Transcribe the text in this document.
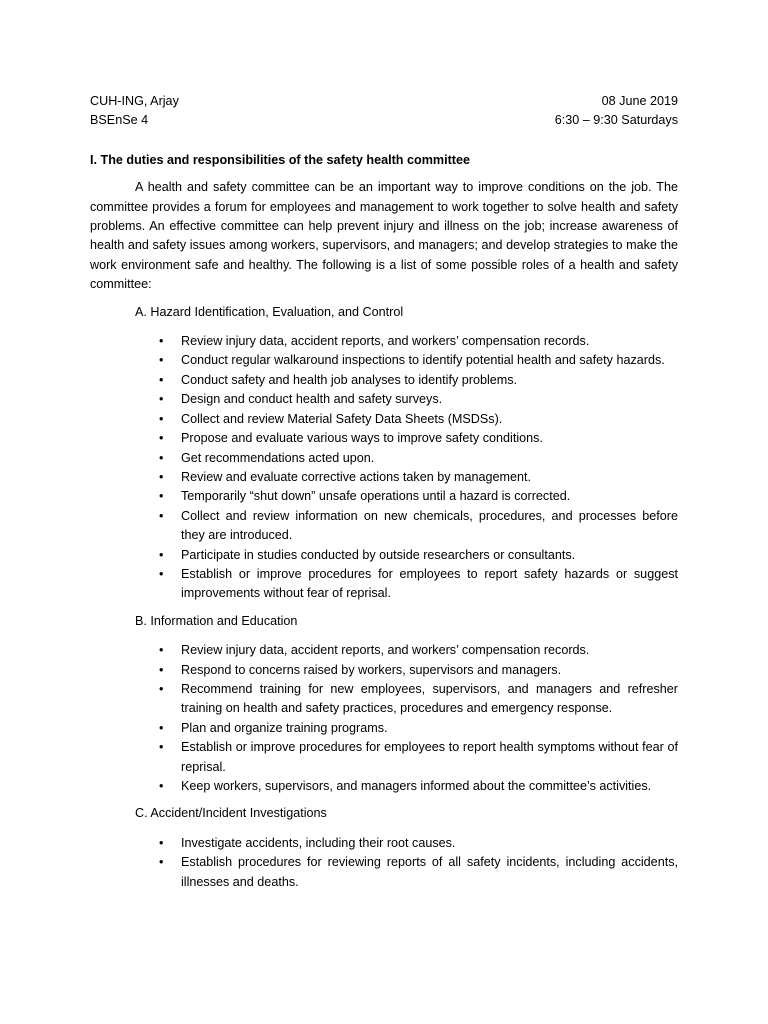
CUH-ING, Arjay
BSEnSe 4
08 June 2019
6:30 – 9:30 Saturdays
I. The duties and responsibilities of the safety health committee

A health and safety committee can be an important way to improve conditions on the job. The committee provides a forum for employees and management to work together to solve health and safety problems. An effective committee can help prevent injury and illness on the job; increase awareness of health and safety issues among workers, supervisors, and managers; and develop strategies to make the work environment safe and healthy. The following is a list of some possible roles of a health and safety committee:

A. Hazard Identification, Evaluation, and Control
• Review injury data, accident reports, and workers’ compensation records.
• Conduct regular walkaround inspections to identify potential health and safety hazards.
• Conduct safety and health job analyses to identify problems.
• Design and conduct health and safety surveys.
• Collect and review Material Safety Data Sheets (MSDSs).
• Propose and evaluate various ways to improve safety conditions.
• Get recommendations acted upon.
• Review and evaluate corrective actions taken by management.
• Temporarily “shut down” unsafe operations until a hazard is corrected.
• Collect and review information on new chemicals, procedures, and processes before they are introduced.
• Participate in studies conducted by outside researchers or consultants.
• Establish or improve procedures for employees to report safety hazards or suggest improvements without fear of reprisal.
B. Information and Education
• Review injury data, accident reports, and workers’ compensation records.
• Respond to concerns raised by workers, supervisors and managers.
• Recommend training for new employees, supervisors, and managers and refresher training on health and safety practices, procedures and emergency response.
• Plan and organize training programs.
• Establish or improve procedures for employees to report health symptoms without fear of reprisal.
• Keep workers, supervisors, and managers informed about the committee’s activities.
C. Accident/Incident Investigations
• Investigate accidents, including their root causes.
• Establish procedures for reviewing reports of all safety incidents, including accidents, illnesses and deaths.
